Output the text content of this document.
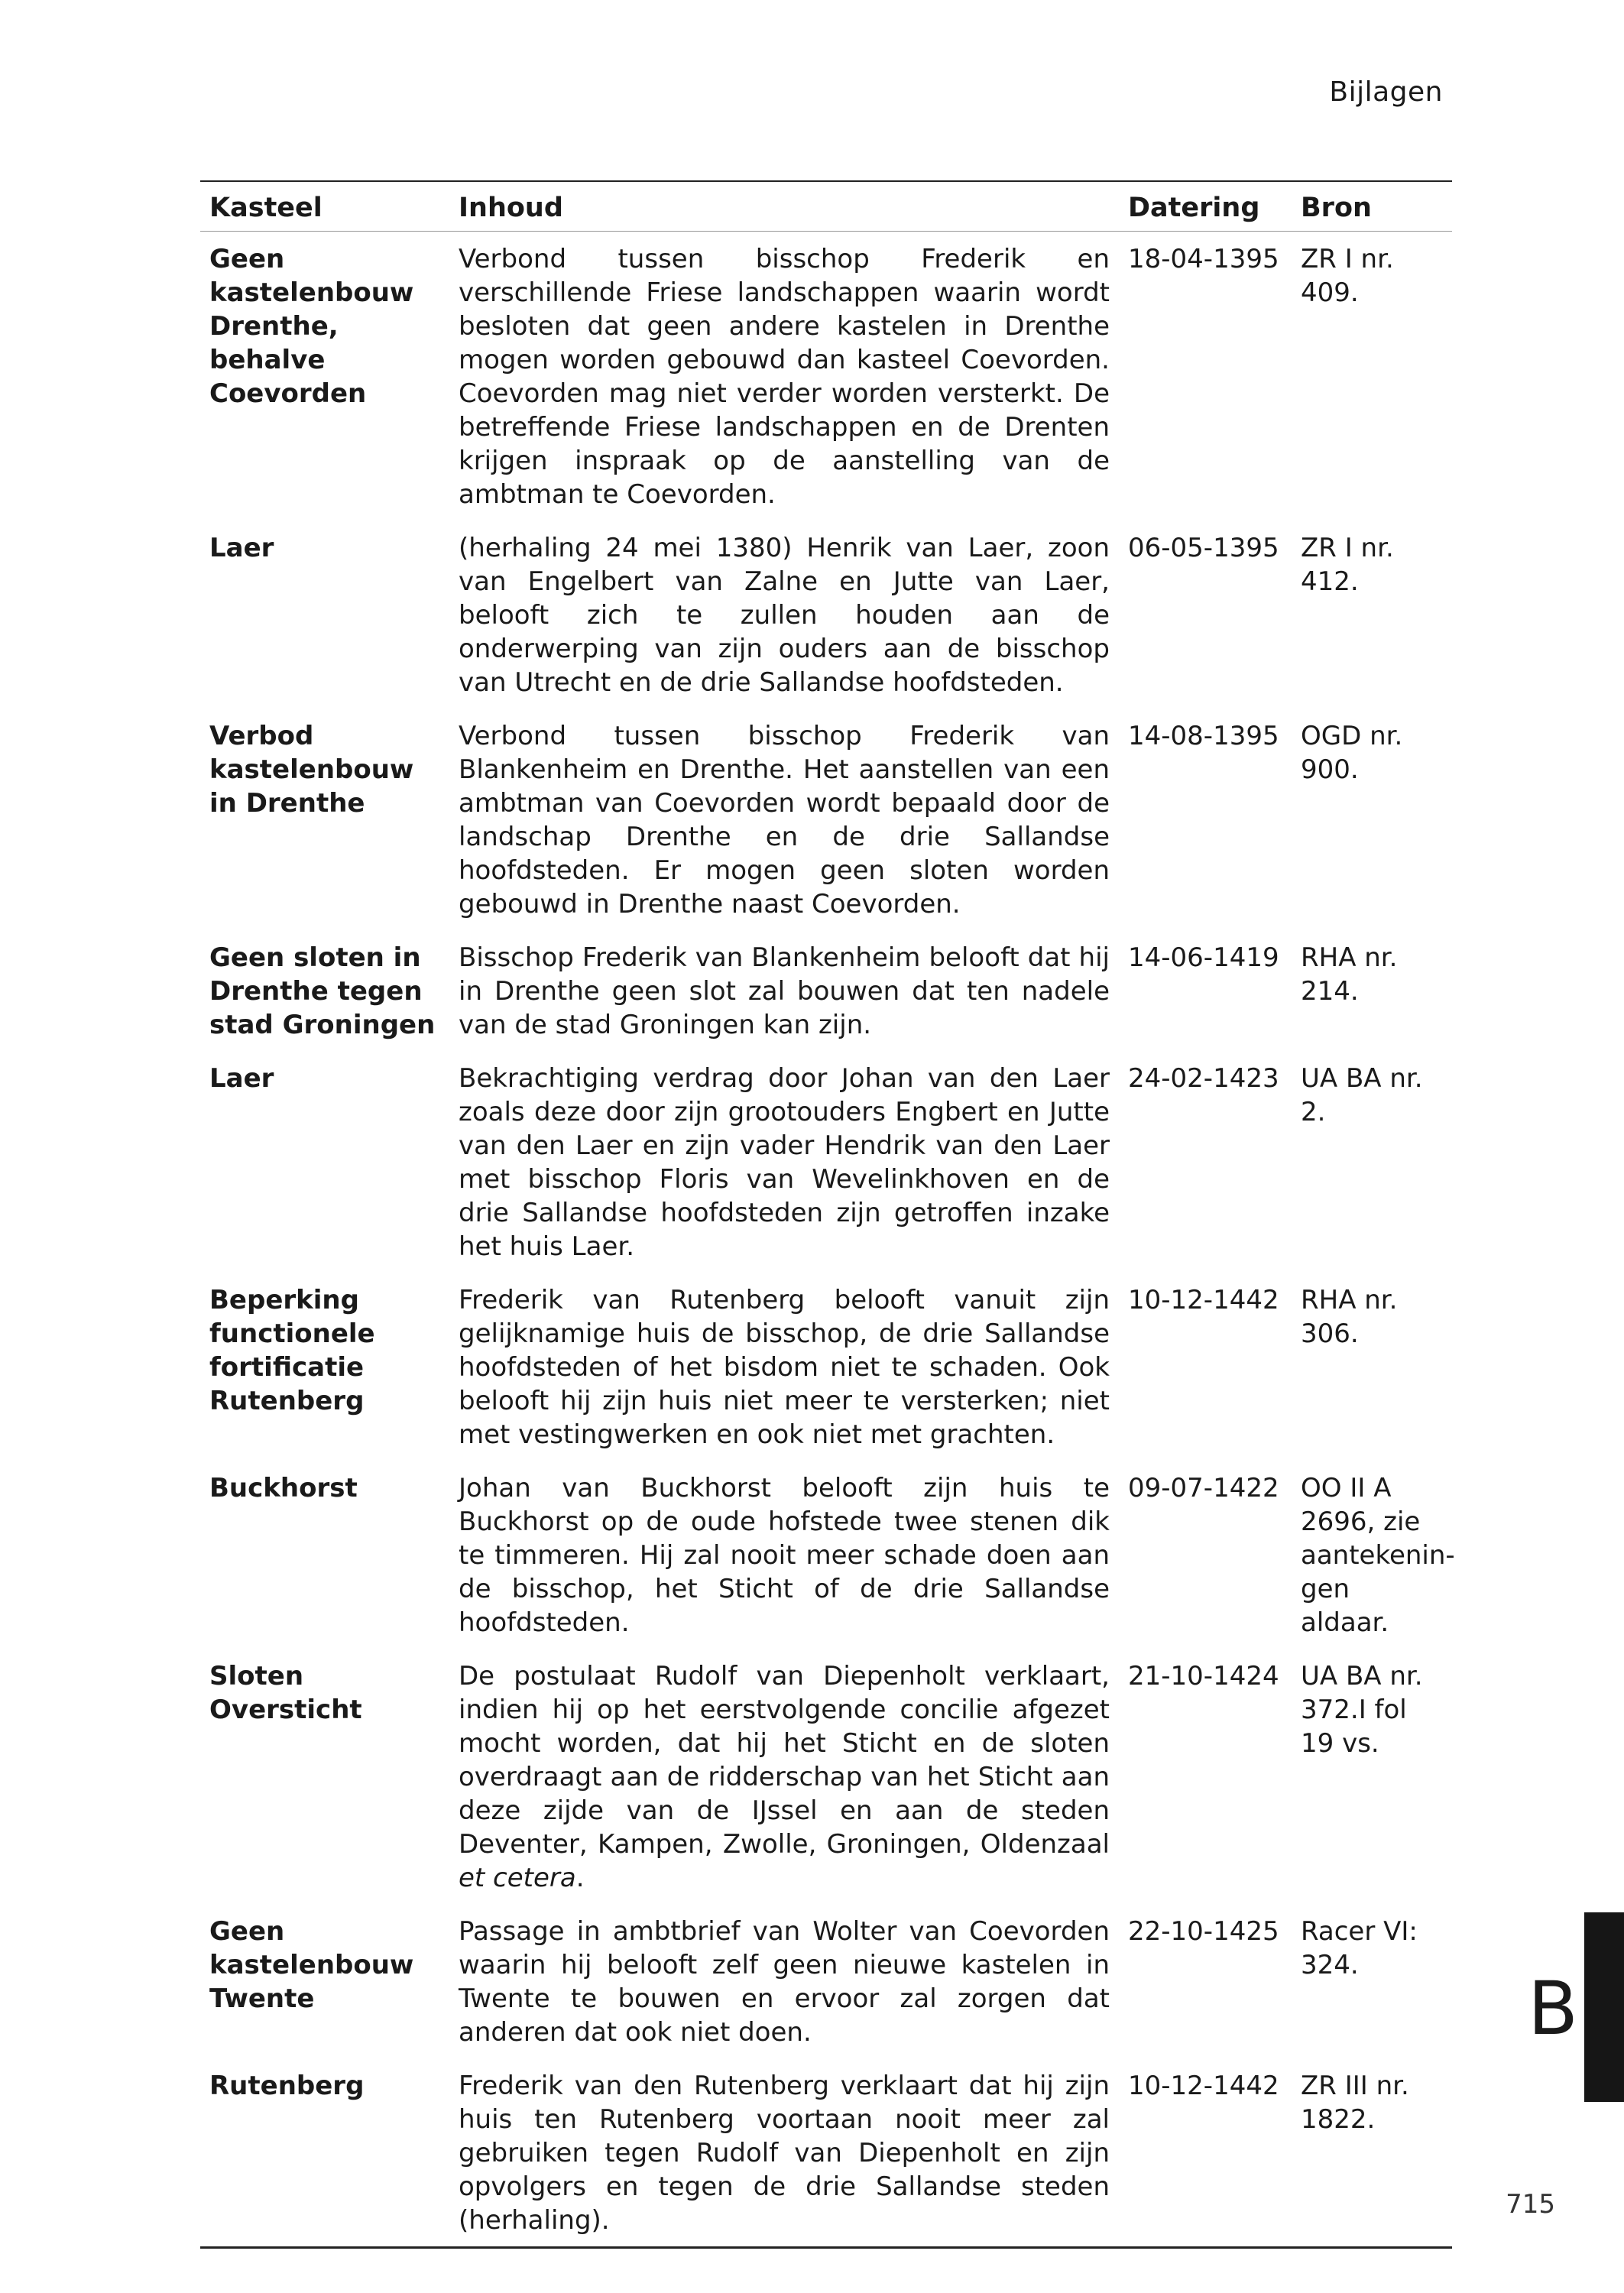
Bijlagen
Kasteel	Inhoud	Datering	Bron
Geen kastelenbouw Drenthe, behalve Coevorden	Verbond tussen bisschop Frederik en verschillende Friese landschappen waarin wordt besloten dat geen andere kastelen in Drenthe mogen worden gebouwd dan kasteel Coevorden. Coevorden mag niet verder worden versterkt. De betreffende Friese landschappen en de Drenten krijgen inspraak op de aanstelling van de ambtman te Coevorden.	18-04-1395	ZR I nr. 409.
Laer	(herhaling 24 mei 1380) Henrik van Laer, zoon van Engelbert van Zalne en Jutte van Laer, belooft zich te zullen houden aan de onderwerping van zijn ouders aan de bisschop van Utrecht en de drie Sallandse hoofdsteden.	06-05-1395	ZR I nr. 412.
Verbod kastelenbouw in Drenthe	Verbond tussen bisschop Frederik van Blankenheim en Drenthe. Het aanstellen van een ambtman van Coevorden wordt bepaald door de landschap Drenthe en de drie Sallandse hoofdsteden. Er mogen geen sloten worden gebouwd in Drenthe naast Coevorden.	14-08-1395	OGD nr. 900.
Geen sloten in Drenthe tegen stad Groningen	Bisschop Frederik van Blankenheim belooft dat hij in Drenthe geen slot zal bouwen dat ten nadele van de stad Groningen kan zijn.	14-06-1419	RHA nr. 214.
Laer	Bekrachtiging verdrag door Johan van den Laer zoals deze door zijn grootouders Engbert en Jutte van den Laer en zijn vader Hendrik van den Laer met bisschop Floris van Wevelinkhoven en de drie Sallandse hoofdsteden zijn getroffen inzake het huis Laer.	24-02-1423	UA BA nr. 2.
Beperking functionele fortificatie Rutenberg	Frederik van Rutenberg belooft vanuit zijn gelijknamige huis de bisschop, de drie Sallandse hoofdsteden of het bisdom niet te schaden. Ook belooft hij zijn huis niet meer te versterken; niet met vestingwerken en ook niet met grachten.	10-12-1442	RHA nr. 306.
Buckhorst	Johan van Buckhorst belooft zijn huis te Buckhorst op de oude hofstede twee stenen dik te timmeren. Hij zal nooit meer schade doen aan de bisschop, het Sticht of de drie Sallandse hoofdsteden.	09-07-1422	OO II A 2696, zie aantekenin-gen aldaar.
Sloten Oversticht	De postulaat Rudolf van Diepenholt verklaart, indien hij op het eerstvolgende concilie afgezet mocht worden, dat hij het Sticht en de sloten overdraagt aan de ridderschap van het Sticht aan deze zijde van de IJssel en aan de steden Deventer, Kampen, Zwolle, Groningen, Oldenzaal et cetera.	21-10-1424	UA BA nr. 372.I fol 19 vs.
Geen kastelenbouw Twente	Passage in ambtbrief van Wolter van Coevorden waarin hij belooft zelf geen nieuwe kastelen in Twente te bouwen en ervoor zal zorgen dat anderen dat ook niet doen.	22-10-1425	Racer VI: 324.
Rutenberg	Frederik van den Rutenberg verklaart dat hij zijn huis ten Rutenberg voortaan nooit meer zal gebruiken tegen Rudolf van Diepenholt en zijn opvolgers en tegen de drie Sallandse steden (herhaling).	10-12-1442	ZR III nr. 1822.
B
715
